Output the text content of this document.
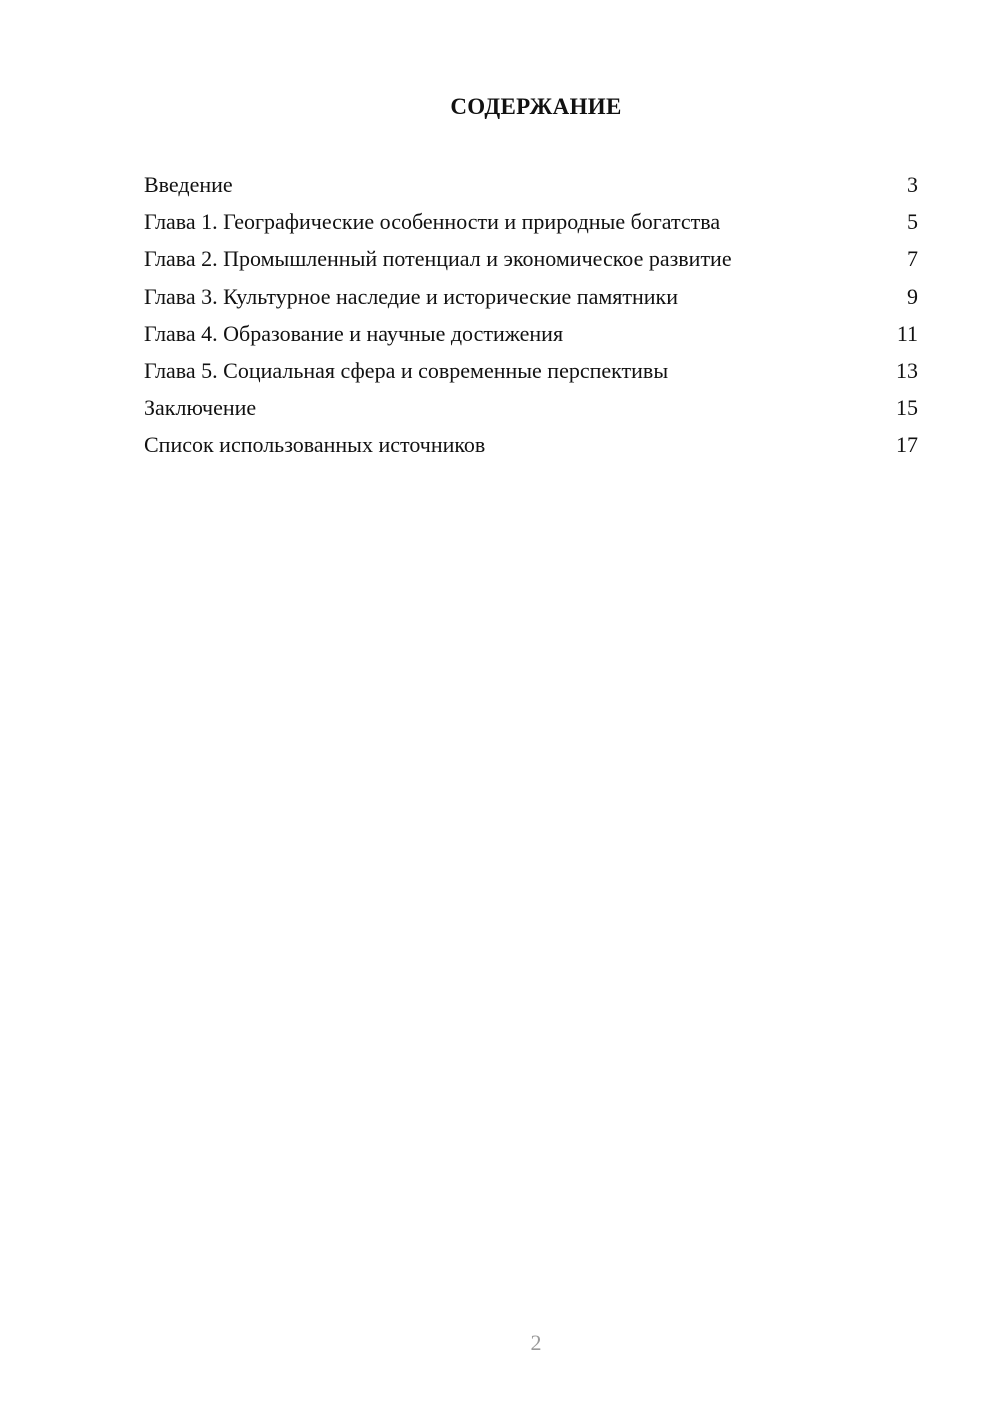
СОДЕРЖАНИЕ
Введение	3
Глава 1. Географические особенности и природные богатства	5
Глава 2. Промышленный потенциал и экономическое развитие	7
Глава 3. Культурное наследие и исторические памятники	9
Глава 4. Образование и научные достижения	11
Глава 5. Социальная сфера и современные перспективы	13
Заключение	15
Список использованных источников	17
2
